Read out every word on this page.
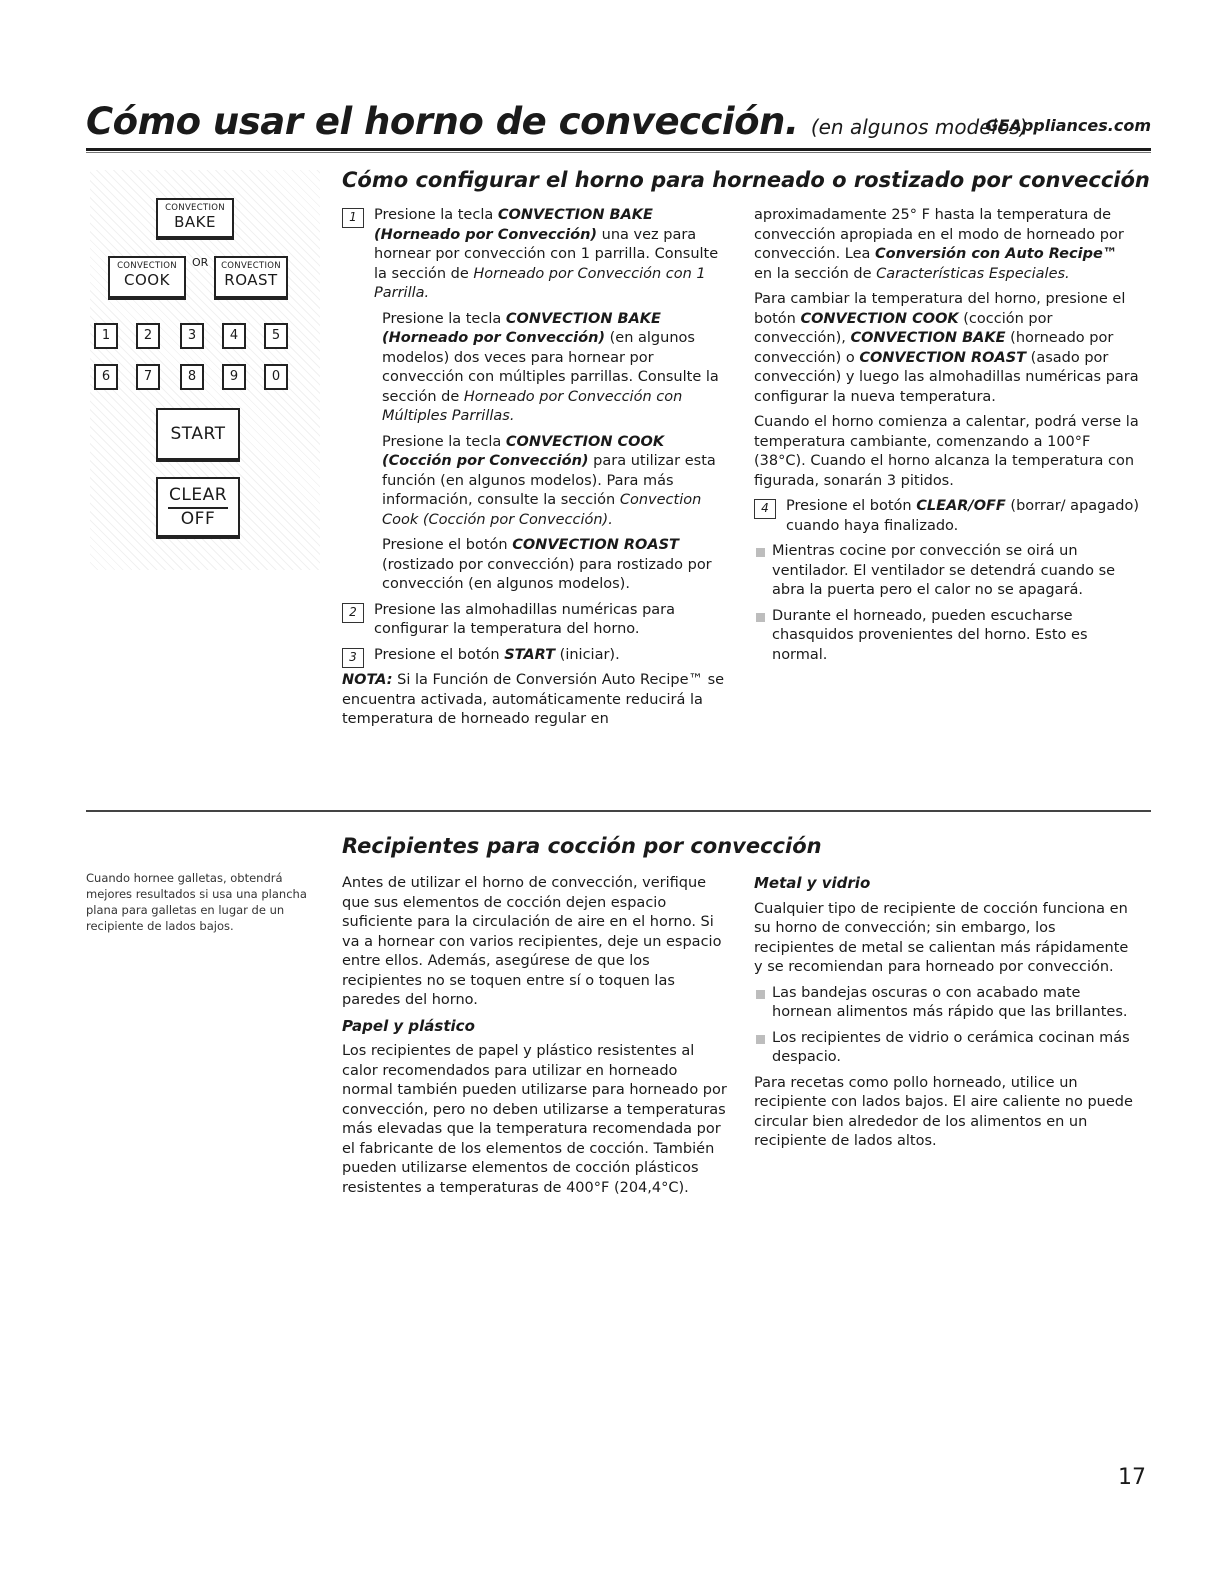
Cómo usar el horno de convección. (en algunos modelos)
GEAppliances.com
CONVECTION
BAKE
CONVECTION
COOK
OR	CONVECTION
ROAST
1	2	3	4	5
6	7	8	9	0
START
CLEAR
OFF
Cómo configurar el horno para horneado o rostizado por convección
1	Presione la tecla CONVECTION BAKE (Horneado por Convección) una vez para hornear por convección con 1 parrilla. Consulte la sección de Horneado por Convección con 1 Parrilla.

Presione la tecla CONVECTION BAKE (Horneado por Convección) (en algunos modelos) dos veces para hornear por convección con múltiples parrillas. Consulte la sección de Horneado por Convección con Múltiples Parrillas.

Presione la tecla CONVECTION COOK (Cocción por Convección) para utilizar esta función (en algunos modelos). Para más información, consulte la sección Convection Cook (Cocción por Convección).

Presione el botón CONVECTION ROAST (rostizado por convección) para rostizado por convección (en algunos modelos).

2	Presione las almohadillas numéricas para configurar la temperatura del horno.
3	Presione el botón START (iniciar).

NOTA: Si la Función de Conversión Auto Recipe™ se encuentra activada, automáticamente reducirá la temperatura de horneado regular en

aproximadamente 25° F hasta la temperatura de convección apropiada en el modo de horneado por convección. Lea Conversión con Auto Recipe™ en la sección de Características Especiales.

Para cambiar la temperatura del horno, presione el botón CONVECTION COOK (cocción por convección), CONVECTION BAKE (horneado por convección) o CONVECTION ROAST (asado por convección) y luego las almohadillas numéricas para configurar la nueva temperatura.

Cuando el horno comienza a calentar, podrá verse la temperatura cambiante, comenzando a 100°F (38°C). Cuando el horno alcanza la temperatura con figurada, sonarán 3 pitidos.

4	Presione el botón CLEAR/OFF (borrar/ apagado) cuando haya finalizado.

Mientras cocine por convección se oirá un ventilador. El ventilador se detendrá cuando se abra la puerta pero el calor no se apagará.

Durante el horneado, pueden escucharse chasquidos provenientes del horno. Esto es normal.

Cuando hornee galletas, obtendrá mejores resultados si usa una plancha plana para galletas en lugar de un recipiente de lados bajos.
Recipientes para cocción por convección

Antes de utilizar el horno de convección, verifique que sus elementos de cocción dejen espacio suficiente para la circulación de aire en el horno. Si va a hornear con varios recipientes, deje un espacio entre ellos. Además, asegúrese de que los recipientes no se toquen entre sí o toquen las paredes del horno.

Papel y plástico

Los recipientes de papel y plástico resistentes al calor recomendados para utilizar en horneado normal también pueden utilizarse para horneado por convección, pero no deben utilizarse a temperaturas más elevadas que la temperatura recomendada por el fabricante de los elementos de cocción. También pueden utilizarse elementos de cocción plásticos resistentes a temperaturas de 400°F (204,4°C).

Metal y vidrio

Cualquier tipo de recipiente de cocción funciona en su horno de convección; sin embargo, los recipientes de metal se calientan más rápidamente y se recomiendan para horneado por convección.

Las bandejas oscuras o con acabado mate hornean alimentos más rápido que las brillantes.

Los recipientes de vidrio o cerámica cocinan más despacio.

Para recetas como pollo horneado, utilice un recipiente con lados bajos. El aire caliente no puede circular bien alrededor de los alimentos en un recipiente de lados altos.

17
